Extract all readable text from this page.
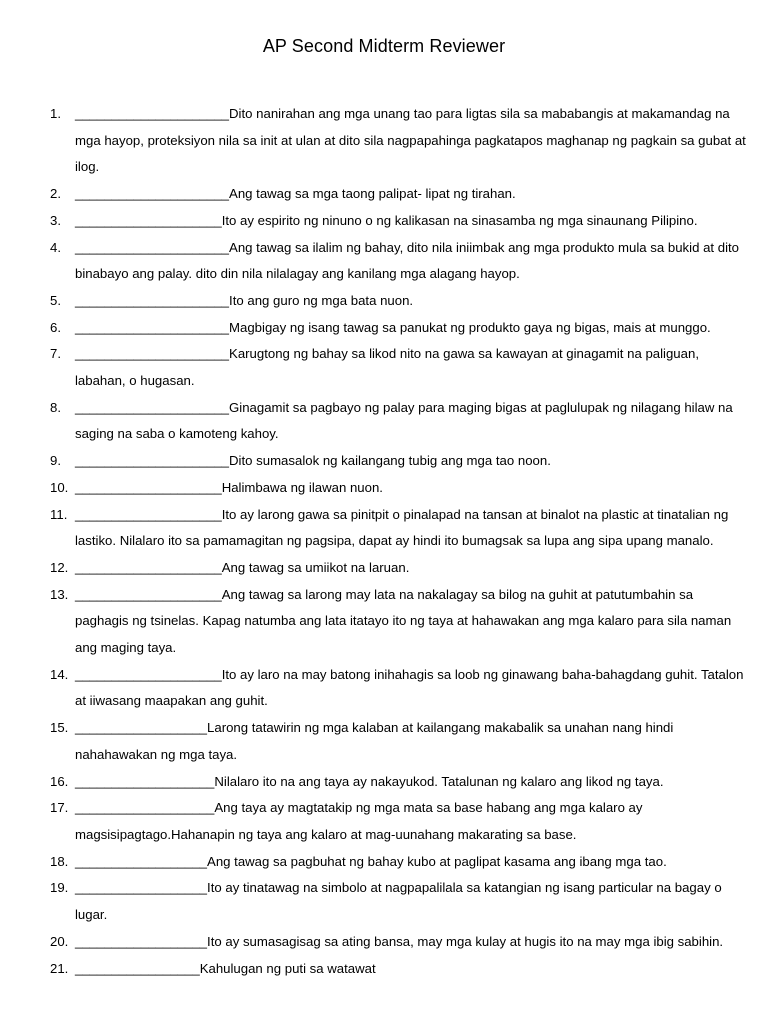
AP Second Midterm Reviewer
1.	_____________________Dito nanirahan ang mga unang tao para ligtas sila sa mababangis at makamandag na mga hayop, proteksiyon nila sa init at ulan at dito sila nagpapahinga pagkatapos maghanap ng pagkain sa gubat at ilog.
2.	_____________________Ang tawag sa mga taong palipat- lipat ng tirahan.
3.	____________________Ito ay espirito ng ninuno o ng kalikasan na sinasamba ng mga sinaunang Pilipino.
4.	_____________________Ang tawag sa ilalim ng bahay, dito nila iniimbak ang mga produkto mula sa bukid at dito binabayo ang palay. dito din nila nilalagay ang kanilang mga alagang hayop.
5.	_____________________Ito ang guro ng mga bata nuon.
6.	_____________________Magbigay ng isang tawag sa panukat ng produkto gaya ng bigas, mais at munggo.
7.	_____________________Karugtong ng bahay sa likod nito na gawa sa kawayan at ginagamit na paliguan, labahan, o hugasan.
8.	_____________________Ginagamit sa pagbayo ng palay para maging bigas at paglulupak ng nilagang hilaw na saging na saba o kamoteng kahoy.
9.	_____________________Dito sumasalok ng kailangang tubig ang mga tao noon.
10. ____________________Halimbawa ng ilawan nuon.
11. ____________________Ito ay larong gawa sa pinitpit o pinalapad na tansan at binalot na plastic at tinatalian ng lastiko. Nilalaro ito sa pamamagitan ng pagsipa, dapat ay hindi ito bumagsak sa lupa ang sipa upang manalo.
12. ____________________Ang tawag sa umiikot na laruan.
13. ____________________Ang tawag sa larong may lata na nakalagay sa bilog na guhit at patutumbahin sa paghagis ng tsinelas. Kapag natumba ang lata itatayo ito ng taya at hahawakan ang mga kalaro para sila naman ang maging taya.
14. ____________________Ito ay laro na may batong inihahagis sa loob ng ginawang baha-bahagdang guhit. Tatalon at iiwasang maapakan ang guhit.
15. __________________Larong tatawirin ng mga kalaban at kailangang makabalik sa unahan nang hindi nahahawakan ng mga taya.
16. ___________________Nilalaro ito na ang taya ay nakayukod. Tatalunan ng kalaro ang likod ng taya.
17. ___________________Ang taya ay magtatakip ng mga mata sa base habang ang mga kalaro ay magsisipagtago.Hahanapin ng taya ang kalaro at mag-uunahang makarating sa base.
18. __________________Ang tawag sa pagbuhat ng bahay kubo at paglipat kasama ang ibang mga tao.
19. __________________Ito ay tinatawag na simbolo at nagpapalilala sa katangian ng isang particular na bagay o lugar.
20. __________________Ito ay sumasagisag sa ating bansa, may mga kulay at hugis ito na may mga ibig sabihin.
21. _________________Kahulugan ng puti sa watawat
